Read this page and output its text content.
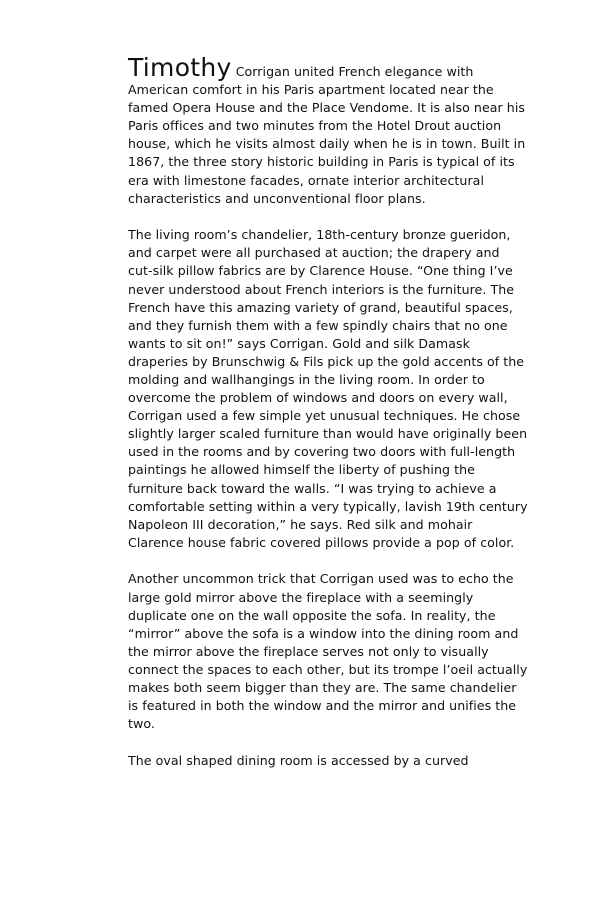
Timothy Corrigan united French elegance with American comfort in his Paris apartment located near the famed Opera House and the Place Vendome. It is also near his Paris offices and two minutes from the Hotel Drout auction house, which he visits almost daily when he is in town. Built in 1867, the three story historic building in Paris is typical of its era with limestone facades, ornate interior architectural characteristics and unconventional floor plans.

The living room’s chandelier, 18th-century bronze gueridon, and carpet were all purchased at auction; the drapery and cut-silk pillow fabrics are by Clarence House. “One thing I’ve never understood about French interiors is the furniture. The French have this amazing variety of grand, beautiful spaces, and they furnish them with a few spindly chairs that no one wants to sit on!” says Corrigan. Gold and silk Damask draperies by Brunschwig & Fils pick up the gold accents of the molding and wallhangings in the living room. In order to overcome the problem of windows and doors on every wall, Corrigan used a few simple yet unusual techniques. He chose slightly larger scaled furniture than would have originally been used in the rooms and by covering two doors with full-length paintings he allowed himself the liberty of pushing the furniture back toward the walls. “I was trying to achieve a comfortable setting within a very typically, lavish 19th century Napoleon III decoration,” he says. Red silk and mohair Clarence house fabric covered pillows provide a pop of color.

Another uncommon trick that Corrigan used was to echo the large gold mirror above the fireplace with a seemingly duplicate one on the wall opposite the sofa. In reality, the “mirror” above the sofa is a window into the dining room and the mirror above the fireplace serves not only to visually connect the spaces to each other, but its trompe l’oeil actually makes both seem bigger than they are. The same chandelier is featured in both the window and the mirror and unifies the two.

The oval shaped dining room is accessed by a curved
